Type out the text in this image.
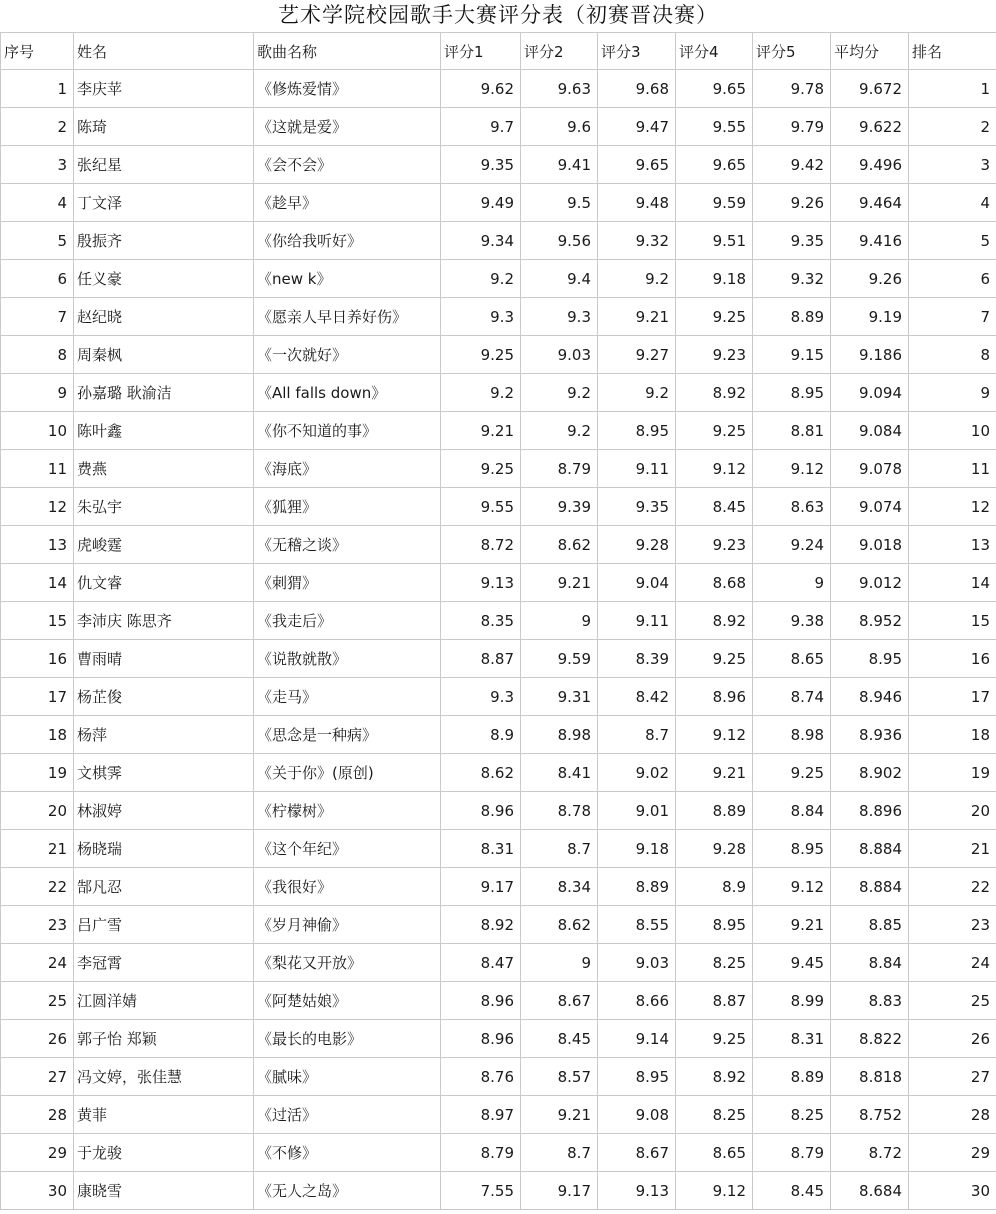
艺术学院校园歌手大赛评分表（初赛晋决赛）
序号	姓名	歌曲名称	评分1	评分2	评分3	评分4	评分5	平均分	排名
1	李庆苹	《修炼爱情》	9.62	9.63	9.68	9.65	9.78	9.672	1
2	陈琦	《这就是爱》	9.7	9.6	9.47	9.55	9.79	9.622	2
3	张纪星	《会不会》	9.35	9.41	9.65	9.65	9.42	9.496	3
4	丁文泽	《趁早》	9.49	9.5	9.48	9.59	9.26	9.464	4
5	殷振齐	《你给我听好》	9.34	9.56	9.32	9.51	9.35	9.416	5
6	任义豪	《new k》	9.2	9.4	9.2	9.18	9.32	9.26	6
7	赵纪晓	《愿亲人早日养好伤》	9.3	9.3	9.21	9.25	8.89	9.19	7
8	周秦枫	《一次就好》	9.25	9.03	9.27	9.23	9.15	9.186	8
9	孙嘉璐 耿渝洁	《All falls down》	9.2	9.2	9.2	8.92	8.95	9.094	9
10	陈叶鑫	《你不知道的事》	9.21	9.2	8.95	9.25	8.81	9.084	10
11	费燕	《海底》	9.25	8.79	9.11	9.12	9.12	9.078	11
12	朱弘宇	《狐狸》	9.55	9.39	9.35	8.45	8.63	9.074	12
13	虎峻霆	《无稽之谈》	8.72	8.62	9.28	9.23	9.24	9.018	13
14	仇文睿	《刺猬》	9.13	9.21	9.04	8.68	9	9.012	14
15	李沛庆 陈思齐	《我走后》	8.35	9	9.11	8.92	9.38	8.952	15
16	曹雨晴	《说散就散》	8.87	9.59	8.39	9.25	8.65	8.95	16
17	杨芷俊	《走马》	9.3	9.31	8.42	8.96	8.74	8.946	17
18	杨萍	《思念是一种病》	8.9	8.98	8.7	9.12	8.98	8.936	18
19	文棋霁	《关于你》(原创)	8.62	8.41	9.02	9.21	9.25	8.902	19
20	林淑婷	《柠檬树》	8.96	8.78	9.01	8.89	8.84	8.896	20
21	杨晓瑞	《这个年纪》	8.31	8.7	9.18	9.28	8.95	8.884	21
22	郜凡忍	《我很好》	9.17	8.34	8.89	8.9	9.12	8.884	22
23	吕广雪	《岁月神偷》	8.92	8.62	8.55	8.95	9.21	8.85	23
24	李冠霄	《梨花又开放》	8.47	9	9.03	8.25	9.45	8.84	24
25	江圆洋婧	《阿楚姑娘》	8.96	8.67	8.66	8.87	8.99	8.83	25
26	郭子怡 郑颖	《最长的电影》	8.96	8.45	9.14	9.25	8.31	8.822	26
27	冯文婷，张佳慧	《腻味》	8.76	8.57	8.95	8.92	8.89	8.818	27
28	黄菲	《过活》	8.97	9.21	9.08	8.25	8.25	8.752	28
29	于龙骏	《不修》	8.79	8.7	8.67	8.65	8.79	8.72	29
30	康晓雪	《无人之岛》	7.55	9.17	9.13	9.12	8.45	8.684	30
